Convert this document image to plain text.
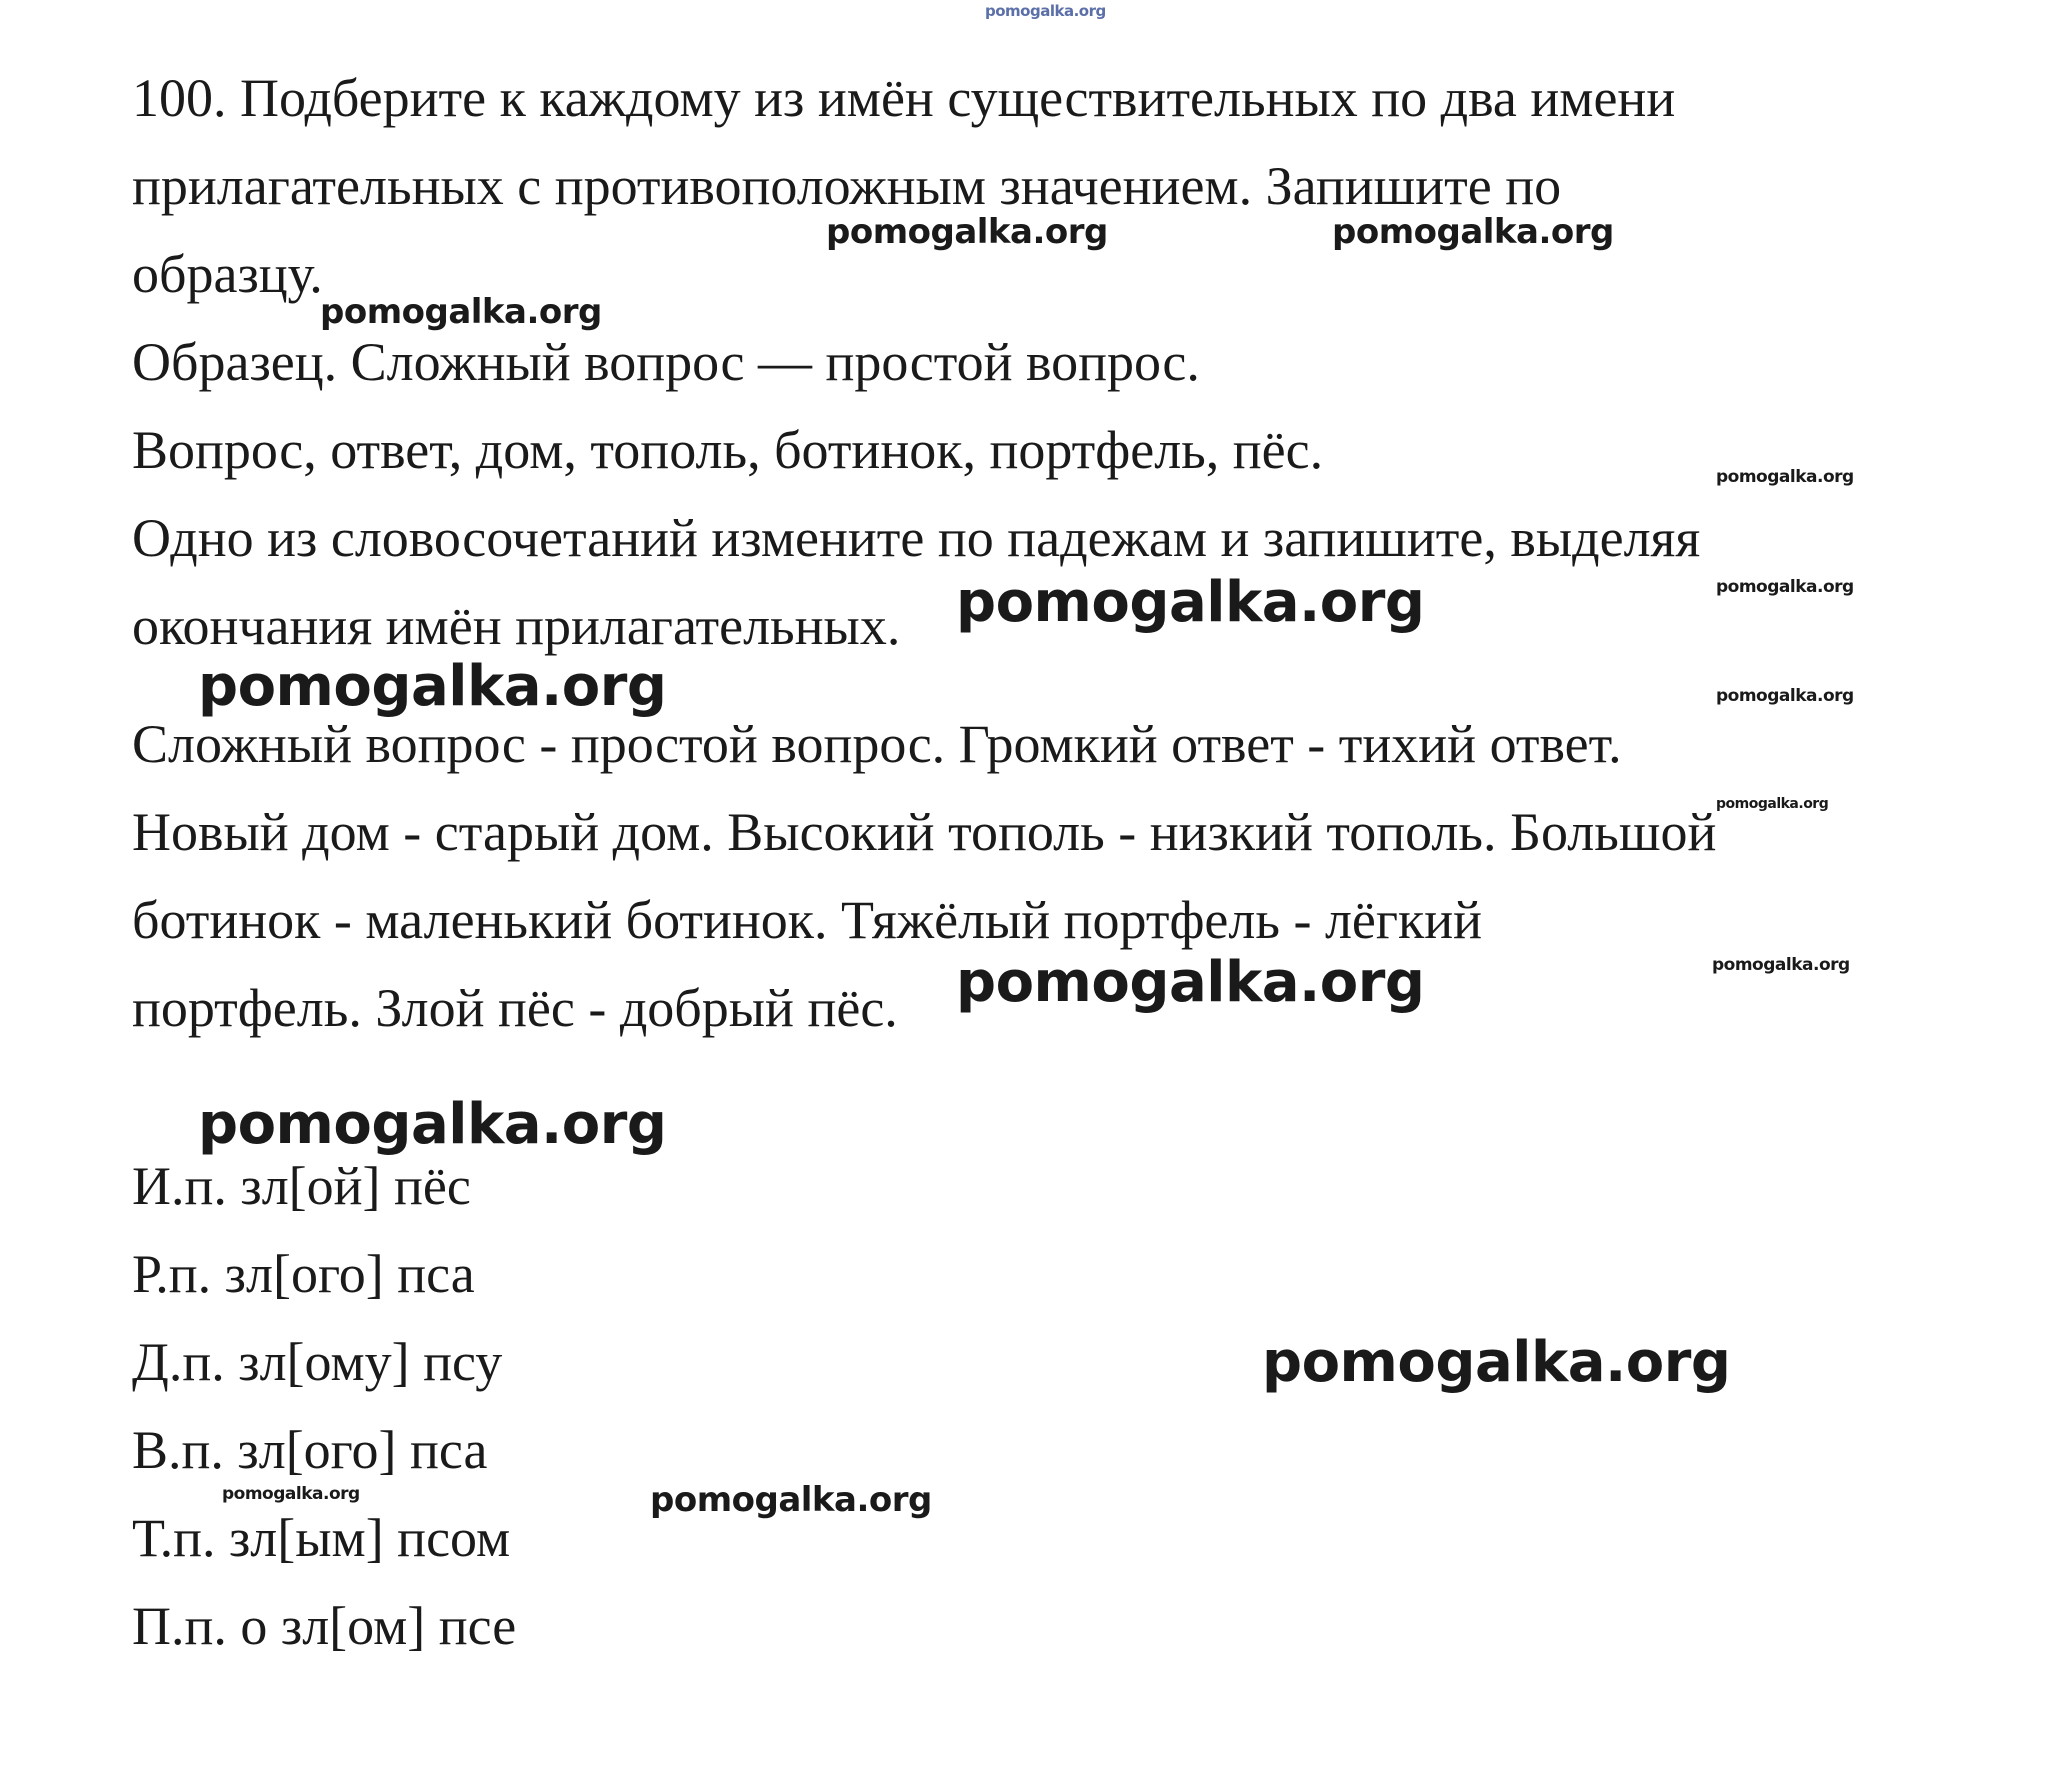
100. Подберите к каждому из имён существительных по два имени

прилагательных с противоположным значением. Запишите по

образцу.

Образец. Сложный вопрос — простой вопрос.

Вопрос, ответ, дом, тополь, ботинок, портфель, пёс.

Одно из словосочетаний измените по падежам и запишите, выделяя

окончания имён прилагательных.

Сложный вопрос - простой вопрос. Громкий ответ - тихий ответ.

Новый дом - старый дом. Высокий тополь - низкий тополь. Большой

ботинок - маленький ботинок. Тяжёлый портфель - лёгкий

портфель. Злой пёс - добрый пёс.

И.п. зл[ой] пёс

Р.п. зл[ого] пса

Д.п. зл[ому] псу

В.п. зл[ого] пса

Т.п. зл[ым] псом

П.п. о зл[ом] псе

pomogalka.org
pomogalka.org	pomogalka.org
pomogalka.org
pomogalka.org
pomogalka.org
pomogalka.org
pomogalka.org	pomogalka.org
pomogalka.org
pomogalka.org
pomogalka.org
pomogalka.org
pomogalka.org
pomogalka.org
pomogalka.org
